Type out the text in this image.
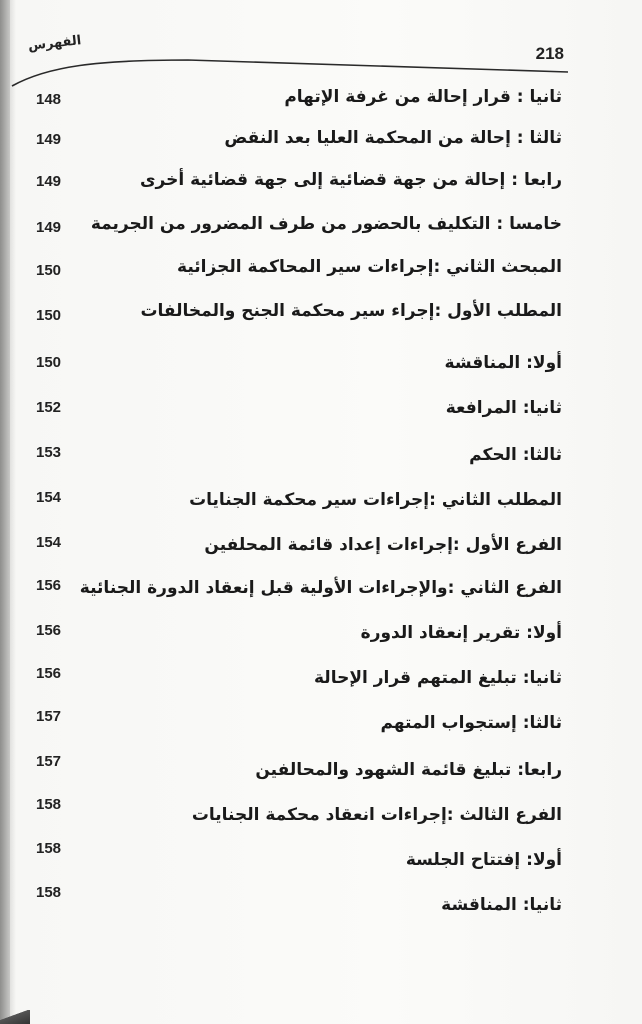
218
الفهرس
ثانيا : قرار إحالة من غرفة الإتهام
148
ثالثا : إحالة من المحكمة العليا بعد النقض
149
رابعا : إحالة من جهة قضائية إلى جهة قضائية أخرى
149
خامسا : التكليف بالحضور من طرف المضرور من الجريمة
149
المبحث الثاني :إجراءات سير المحاكمة الجزائية
150
المطلب الأول :إجراء سير محكمة الجنح والمخالفات
150
أولا: المناقشة
150
ثانيا: المرافعة
152
ثالثا: الحكم
153
المطلب الثاني :إجراءات سير محكمة الجنايات
154
الفرع الأول :إجراءات إعداد قائمة المحلفين
154
الفرع الثاني :والإجراءات الأولية قبل إنعقاد الدورة الجنائية
156
أولا: تقرير إنعقاد الدورة
156
ثانيا: تبليغ المتهم قرار الإحالة
156
ثالثا: إستجواب المتهم
157
رابعا: تبليغ قائمة الشهود والمحالفين
157
الفرع الثالث :إجراءات انعقاد محكمة الجنايات
158
أولا: إفتتاح الجلسة
158
ثانيا: المناقشة
158
